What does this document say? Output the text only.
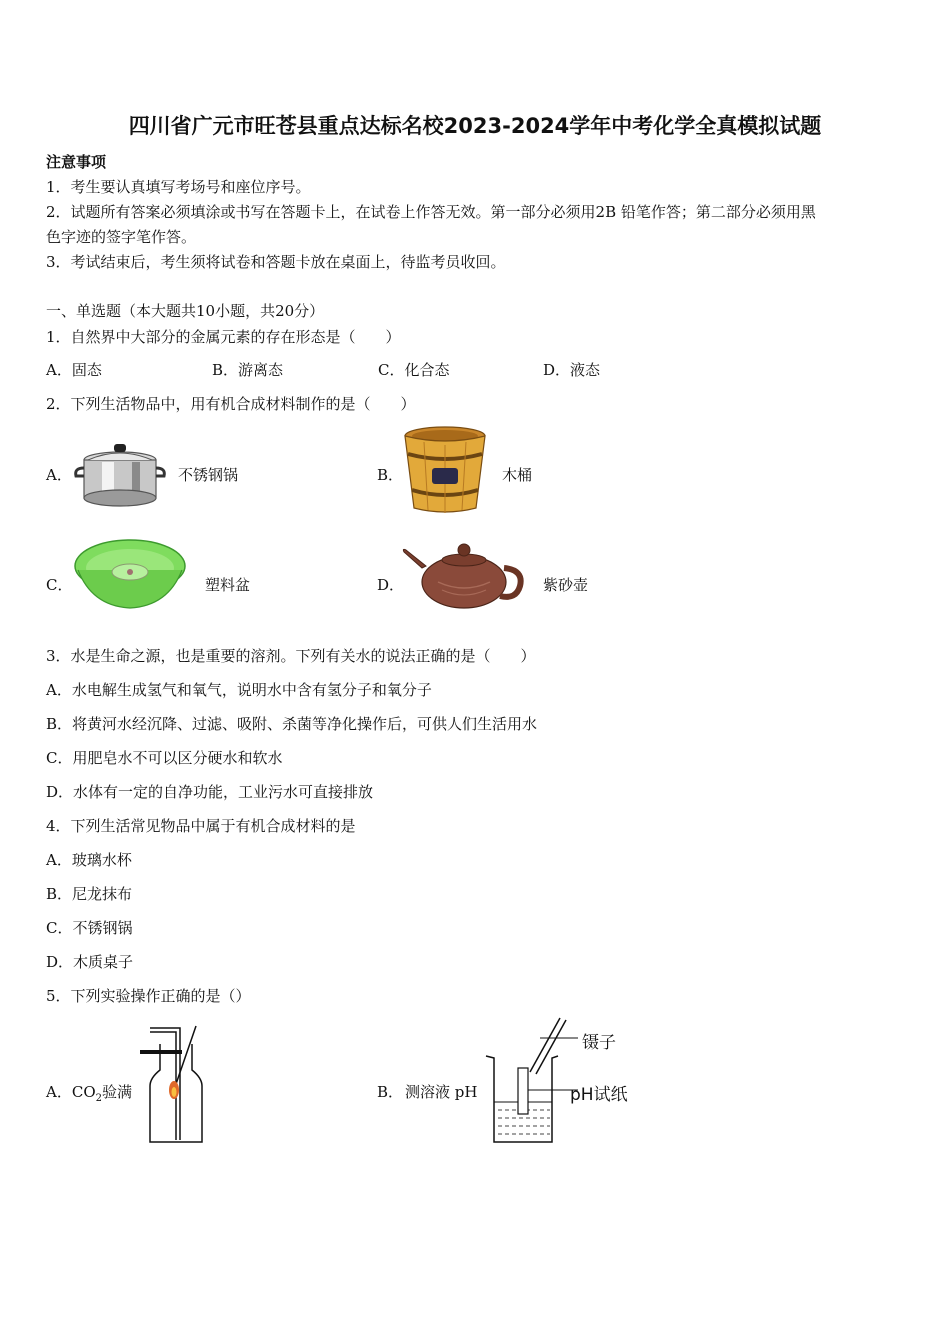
四川省广元市旺苍县重点达标名校2023-2024学年中考化学全真模拟试题
注意事项
1．考生要认真填写考场号和座位序号。
2．试题所有答案必须填涂或书写在答题卡上，在试卷上作答无效。第一部分必须用2B 铅笔作答；第二部分必须用黑
色字迹的签字笔作答。
3．考试结束后，考生须将试卷和答题卡放在桌面上，待监考员收回。
一、单选题（本大题共10小题，共20分）
1．自然界中大部分的金属元素的存在形态是（　　）
A．固态	B．游离态	C．化合态	D．液态
2．下列生活物品中，用有机合成材料制作的是（　　）
A．	不锈钢锅	B．	木桶
C．	塑料盆	D．	紫砂壶
3．水是生命之源，也是重要的溶剂。下列有关水的说法正确的是（　　）
A．水电解生成氢气和氧气，说明水中含有氢分子和氧分子
B．将黄河水经沉降、过滤、吸附、杀菌等净化操作后，可供人们生活用水
C．用肥皂水不可以区分硬水和软水
D．水体有一定的自净功能，工业污水可直接排放
4．下列生活常见物品中属于有机合成材料的是
A．玻璃水杯
B．尼龙抹布
C．不锈钢锅
D．木质桌子
5．下列实验操作正确的是（）
A．$CO_2$验满	B． 测溶液 pH
镊子
pH试纸
